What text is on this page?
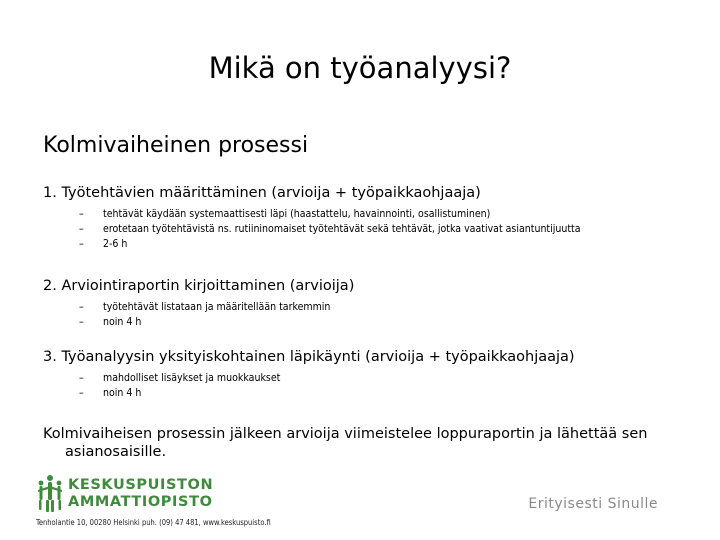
Mikä on työanalyysi?
Kolmivaiheinen prosessi
1. Työtehtävien määrittäminen (arvioija + työpaikkaohjaaja)
– tehtävät käydään systemaattisesti läpi (haastattelu, havainnointi, osallistuminen)
– erotetaan työtehtävistä ns. rutiininomaiset työtehtävät sekä tehtävät, jotka vaativat asiantuntijuutta
– 2-6 h
2. Arviointiraportin kirjoittaminen (arvioija)
– työtehtävät listataan ja määritellään tarkemmin
– noin 4 h
3. Työanalyysin yksityiskohtainen läpikäynti (arvioija + työpaikkaohjaaja)
– mahdolliset lisäykset ja muokkaukset
– noin 4 h
Kolmivaiheisen prosessin jälkeen arvioija viimeistelee loppuraportin ja lähettää sen
asianosaisille.
KESKUSPUISTON
AMMATTIOPISTO
Tenholantie 10, 00280 Helsinki puh. (09) 47 481, www.keskuspuisto.fi
Erityisesti Sinulle
